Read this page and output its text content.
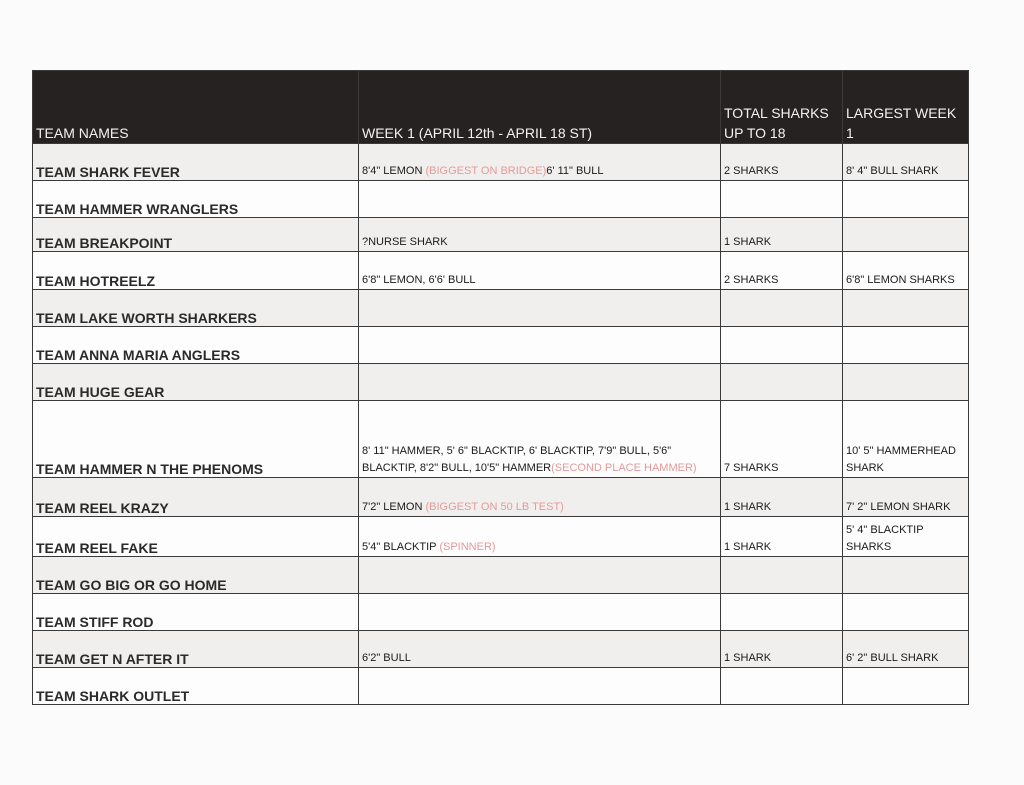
TEAM NAMES	WEEK 1 (APRIL 12th - APRIL 18 ST)	TOTAL SHARKS UP TO 18	LARGEST WEEK 1
TEAM SHARK FEVER	8'4" LEMON (BIGGEST ON BRIDGE)6' 11" BULL	2 SHARKS	8' 4" BULL SHARK
TEAM HAMMER WRANGLERS			
TEAM BREAKPOINT	?NURSE SHARK	1 SHARK	
TEAM HOTREELZ	6'8" LEMON, 6'6' BULL	2 SHARKS	6'8" LEMON SHARKS
TEAM LAKE WORTH SHARKERS			
TEAM ANNA MARIA ANGLERS			
TEAM HUGE GEAR			
TEAM HAMMER N THE PHENOMS	8' 11" HAMMER, 5' 6" BLACKTIP, 6' BLACKTIP, 7'9" BULL, 5'6" BLACKTIP, 8'2" BULL, 10'5" HAMMER(SECOND PLACE HAMMER)	7 SHARKS	10' 5" HAMMERHEAD SHARK
TEAM REEL KRAZY	7'2" LEMON (BIGGEST ON 50 LB TEST)	1 SHARK	7' 2" LEMON SHARK
TEAM REEL FAKE	5'4" BLACKTIP (SPINNER)	1 SHARK	5' 4" BLACKTIP SHARKS
TEAM GO BIG OR GO HOME			
TEAM STIFF ROD			
TEAM GET N AFTER IT	6'2" BULL	1 SHARK	6' 2" BULL SHARK
TEAM SHARK OUTLET			
